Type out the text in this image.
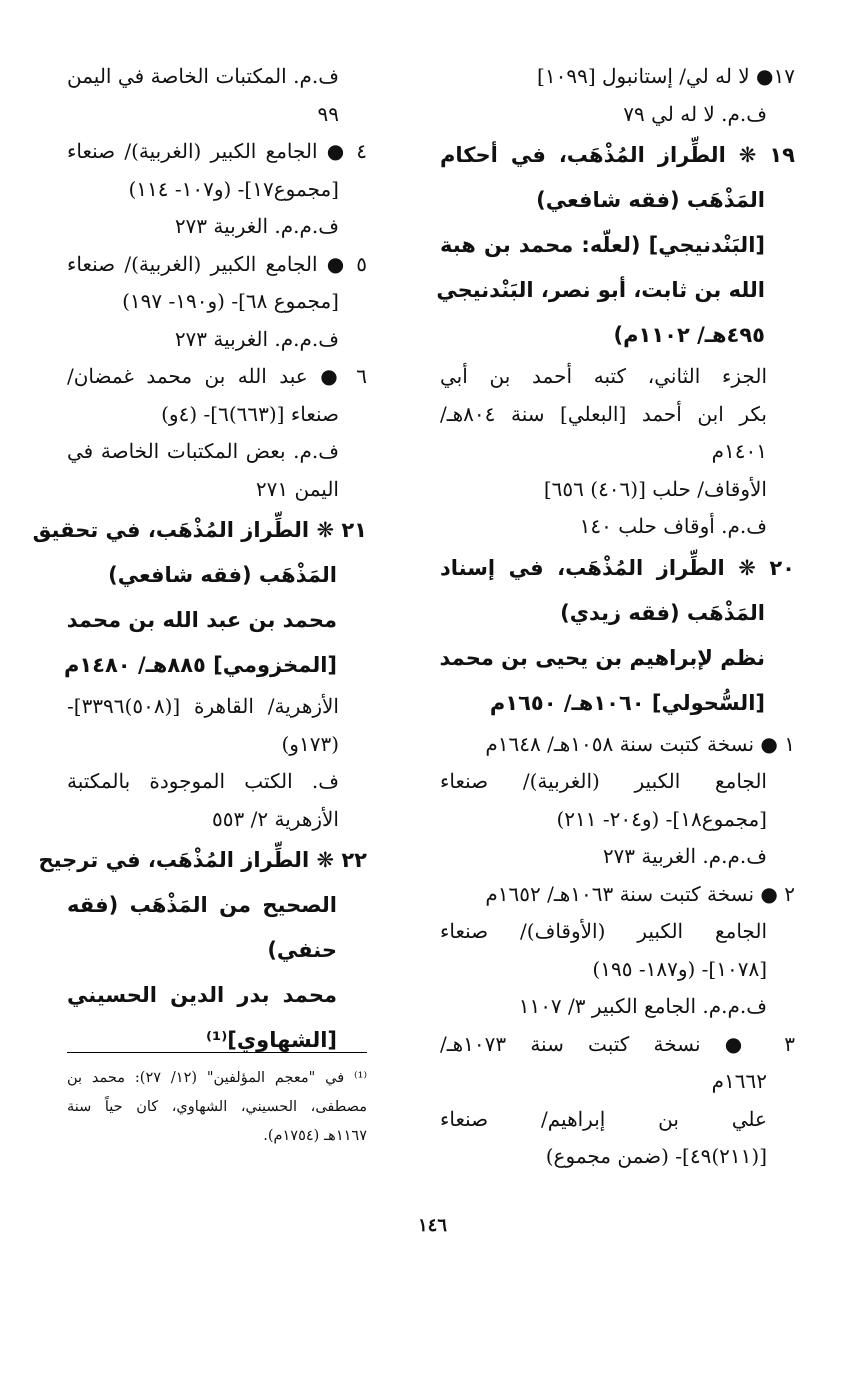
١٧● لا له لي/ إستانبول [١٠٩٩]
ف.م. لا له لي ٧٩
١٩ ❋ الطِّراز المُذْهَب، في أحكام
المَذْهَب (فقه شافعي)
[البَنْدنيجي] (لعلّه: محمد بن هبة
الله بن ثابت، أبو نصر، البَنْدنيجي
٤٩٥هـ/ ١١٠٢م)
الجزء الثاني، كتبه أحمد بن أبي
بكر ابن أحمد [البعلي] سنة ٨٠٤هـ/
١٤٠١م
الأوقاف/ حلب [(٤٠٦) ٦٥٦]
ف.م. أوقاف حلب ١٤٠
٢٠ ❋ الطِّراز المُذْهَب، في إسناد
المَذْهَب (فقه زيدي)
نظم لإبراهيم بن يحيى بن محمد
[السُّحولي] ١٠٦٠هـ/ ١٦٥٠م
١ ● نسخة كتبت سنة ١٠٥٨هـ/ ١٦٤٨م
الجامع الكبير (الغربية)/ صنعاء
[مجموع١٨]- (و٢٠٤- ٢١١)
ف.م.م. الغربية ٢٧٣
٢ ● نسخة كتبت سنة ١٠٦٣هـ/ ١٦٥٢م
الجامع الكبير (الأوقاف)/ صنعاء
[١٠٧٨]- (و١٨٧- ١٩٥)
ف.م.م. الجامع الكبير ٣/ ١١٠٧
٣ ● نسخة كتبت سنة ١٠٧٣هـ/
١٦٦٢م
علي بن إبراهيم/ صنعاء
[(٢١١)٤٩]- (ضمن مجموع)
ف.م. المكتبات الخاصة في اليمن
٩٩
٤ ● الجامع الكبير (الغربية)/ صنعاء
[مجموع١٧]- (و١٠٧- ١١٤)
ف.م.م. الغربية ٢٧٣
٥ ● الجامع الكبير (الغربية)/ صنعاء
[مجموع ٦٨]- (و١٩٠- ١٩٧)
ف.م.م. الغربية ٢٧٣
٦ ● عبد الله بن محمد غمضان/
صنعاء [(٦٦٣)٦]- (٤و)
ف.م. بعض المكتبات الخاصة في
اليمن ٢٧١
٢١ ❋ الطِّراز المُذْهَب، في تحقيق
المَذْهَب (فقه شافعي)
محمد بن عبد الله بن محمد
[المخزومي] ٨٨٥هـ/ ١٤٨٠م
الأزهرية/ القاهرة [(٥٠٨)٣٣٩٦]-
(١٧٣و)
ف. الكتب الموجودة بالمكتبة
الأزهرية ٢/ ٥٥٣
٢٢ ❋ الطِّراز المُذْهَب، في ترجيح
الصحيح من المَذْهَب (فقه
حنفي)
محمد بدر الدين الحسيني
[الشهاوي]⁽¹⁾
⁽¹⁾ في "معجم المؤلفين" (١٢/ ٢٧): محمد بن
مصطفى، الحسيني، الشهاوي، كان حياً سنة
١١٦٧هـ (١٧٥٤م).
١٤٦
